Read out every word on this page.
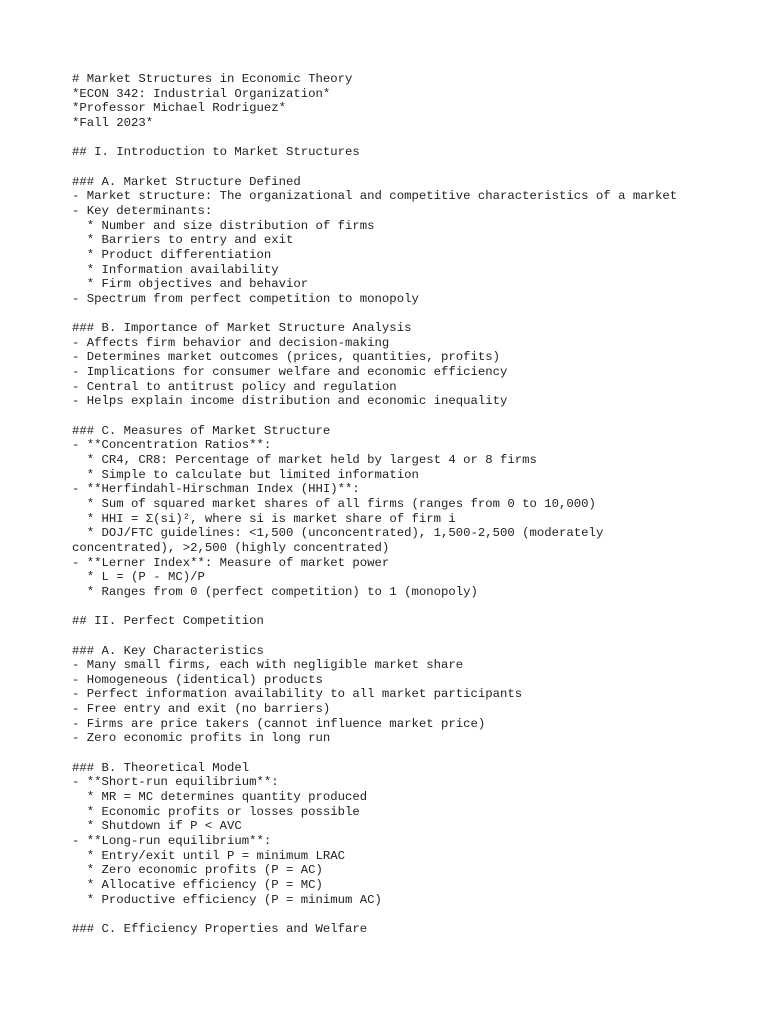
# Market Structures in Economic Theory
*ECON 342: Industrial Organization*
*Professor Michael Rodriguez*
*Fall 2023*
## I. Introduction to Market Structures
### A. Market Structure Defined
- Market structure: The organizational and competitive characteristics of a market
- Key determinants:
* Number and size distribution of firms
* Barriers to entry and exit
* Product differentiation
* Information availability
* Firm objectives and behavior
- Spectrum from perfect competition to monopoly
### B. Importance of Market Structure Analysis
- Affects firm behavior and decision-making
- Determines market outcomes (prices, quantities, profits)
- Implications for consumer welfare and economic efficiency
- Central to antitrust policy and regulation
- Helps explain income distribution and economic inequality
### C. Measures of Market Structure
- **Concentration Ratios**:
* CR4, CR8: Percentage of market held by largest 4 or 8 firms
* Simple to calculate but limited information
- **Herfindahl-Hirschman Index (HHI)**:
* Sum of squared market shares of all firms (ranges from 0 to 10,000)
* HHI = Σ(si)², where si is market share of firm i
* DOJ/FTC guidelines: <1,500 (unconcentrated), 1,500-2,500 (moderately
concentrated), >2,500 (highly concentrated)
- **Lerner Index**: Measure of market power
* L = (P - MC)/P
* Ranges from 0 (perfect competition) to 1 (monopoly)
## II. Perfect Competition
### A. Key Characteristics
- Many small firms, each with negligible market share
- Homogeneous (identical) products
- Perfect information availability to all market participants
- Free entry and exit (no barriers)
- Firms are price takers (cannot influence market price)
- Zero economic profits in long run
### B. Theoretical Model
- **Short-run equilibrium**:
* MR = MC determines quantity produced
* Economic profits or losses possible
* Shutdown if P < AVC
- **Long-run equilibrium**:
* Entry/exit until P = minimum LRAC
* Zero economic profits (P = AC)
* Allocative efficiency (P = MC)
* Productive efficiency (P = minimum AC)
### C. Efficiency Properties and Welfare
